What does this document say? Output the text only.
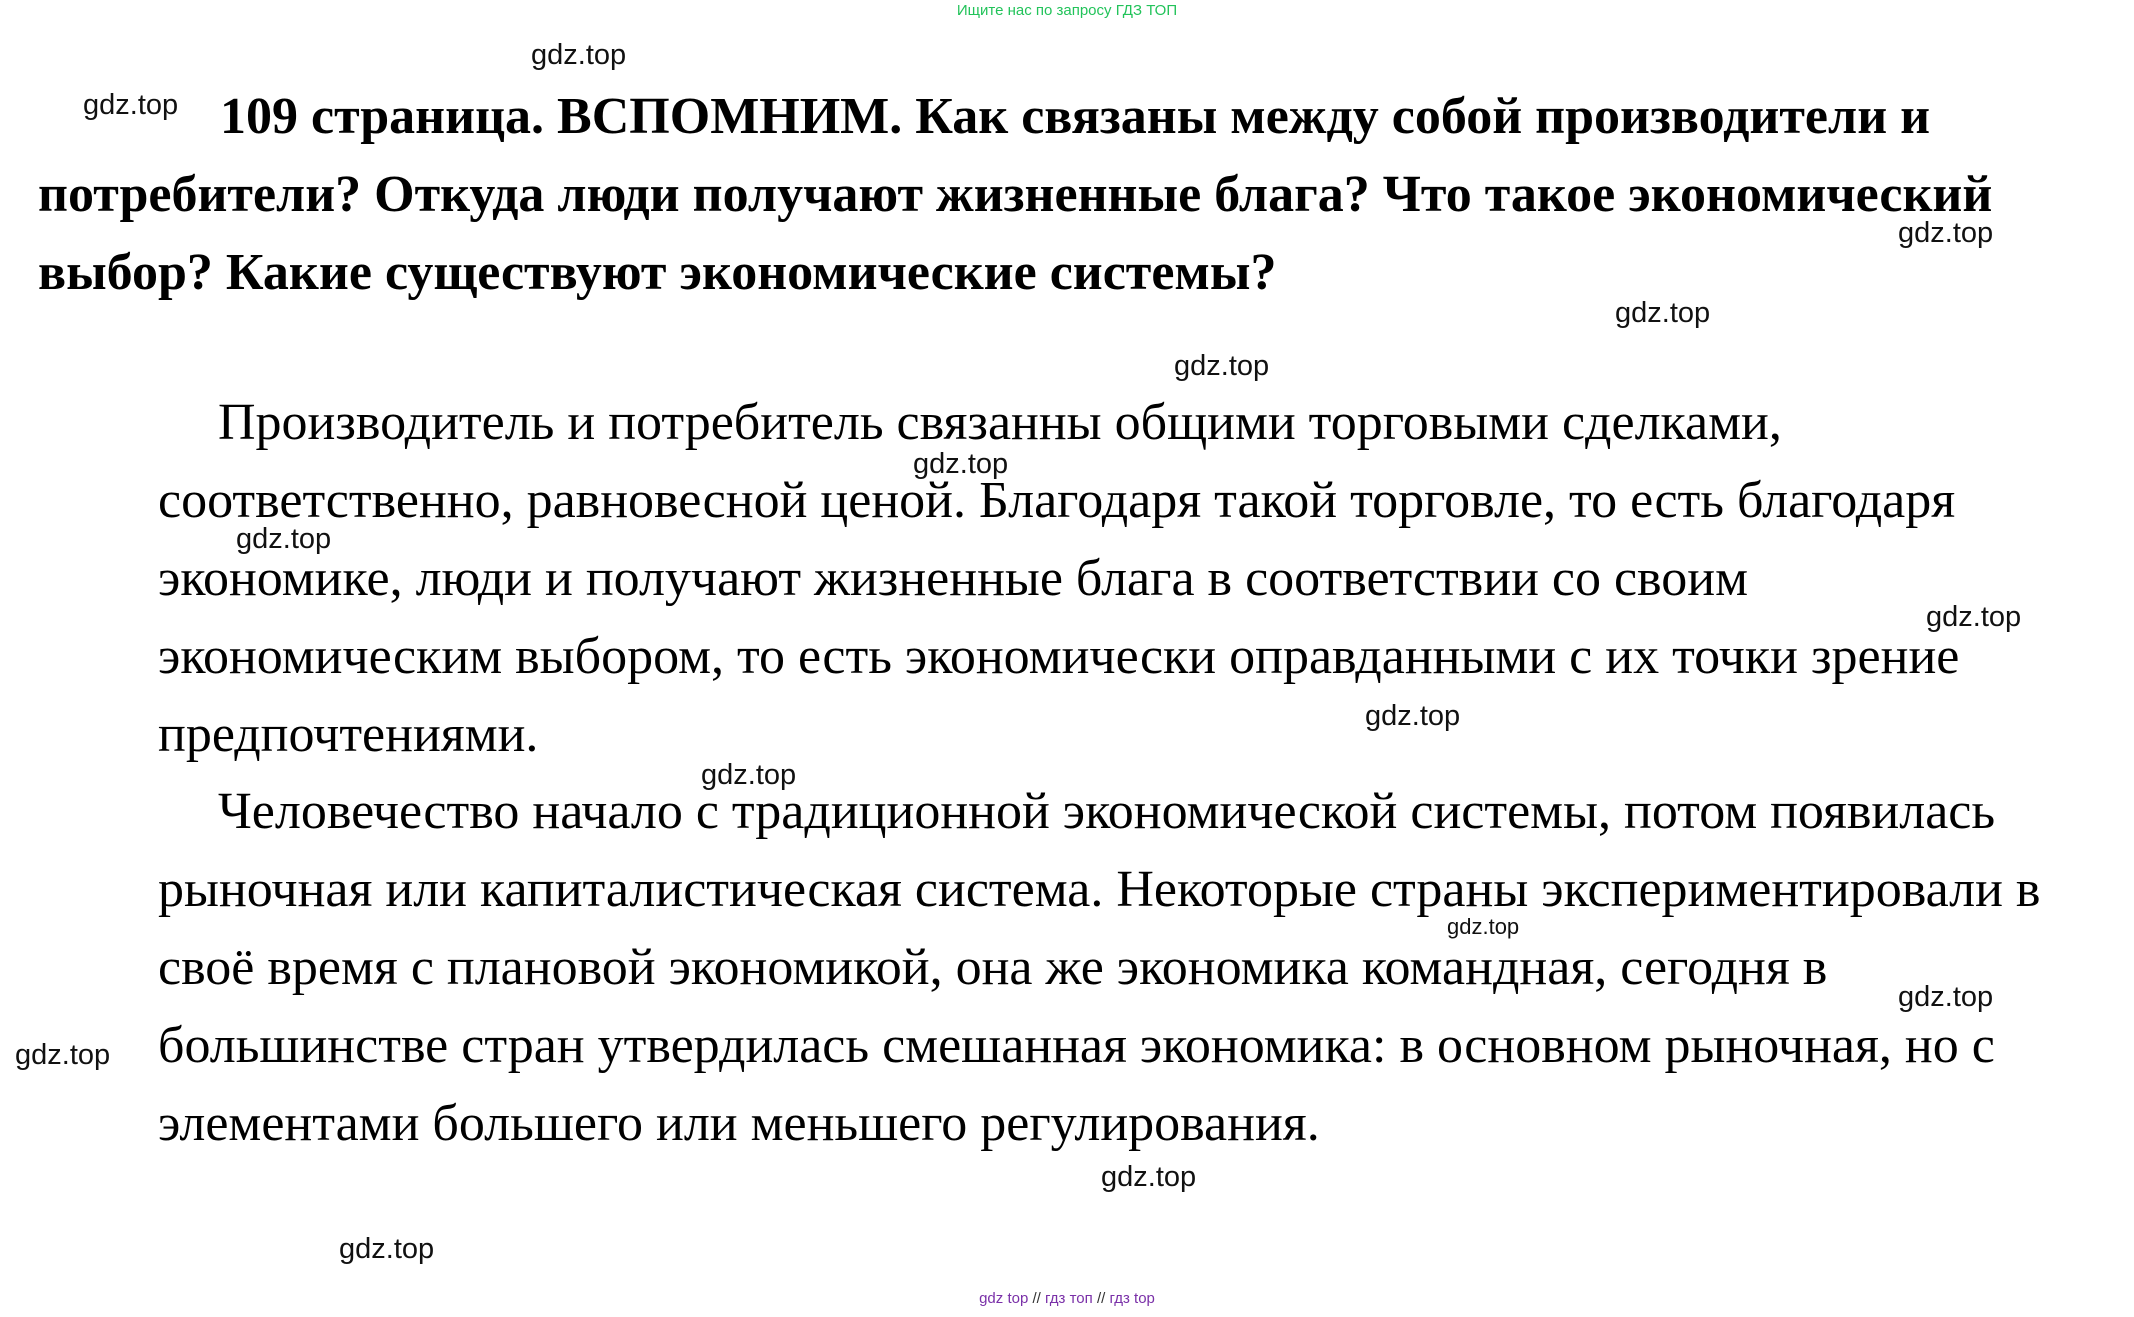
Ищите нас по запросу ГДЗ ТОП

109 страница. ВСПОМНИМ. Как связаны между собой производители и потребители? Откуда люди получают жизненные блага? Что такое экономический выбор? Какие существуют экономические системы?

Производитель и потребитель связанны общими торговыми сделками, соответственно, равновесной ценой. Благодаря такой торговле, то есть благодаря экономике, люди и получают жизненные блага в соответствии со своим экономическим выбором, то есть экономически оправданными с их точки зрение предпочтениями.

Человечество начало с традиционной экономической системы, потом появилась рыночная или капиталистическая система. Некоторые страны экспериментировали в своё время с плановой экономикой, она же экономика командная, сегодня в большинстве стран утвердилась смешанная экономика: в основном рыночная, но с элементами большего или меньшего регулирования.

gdz.top
gdz.top
gdz.top
gdz.top
gdz.top
gdz.top
gdz.top
gdz.top
gdz.top
gdz.top
gdz.top
gdz.top
gdz.top
gdz.top
gdz.top
gdz top // гдз топ // гдз top
